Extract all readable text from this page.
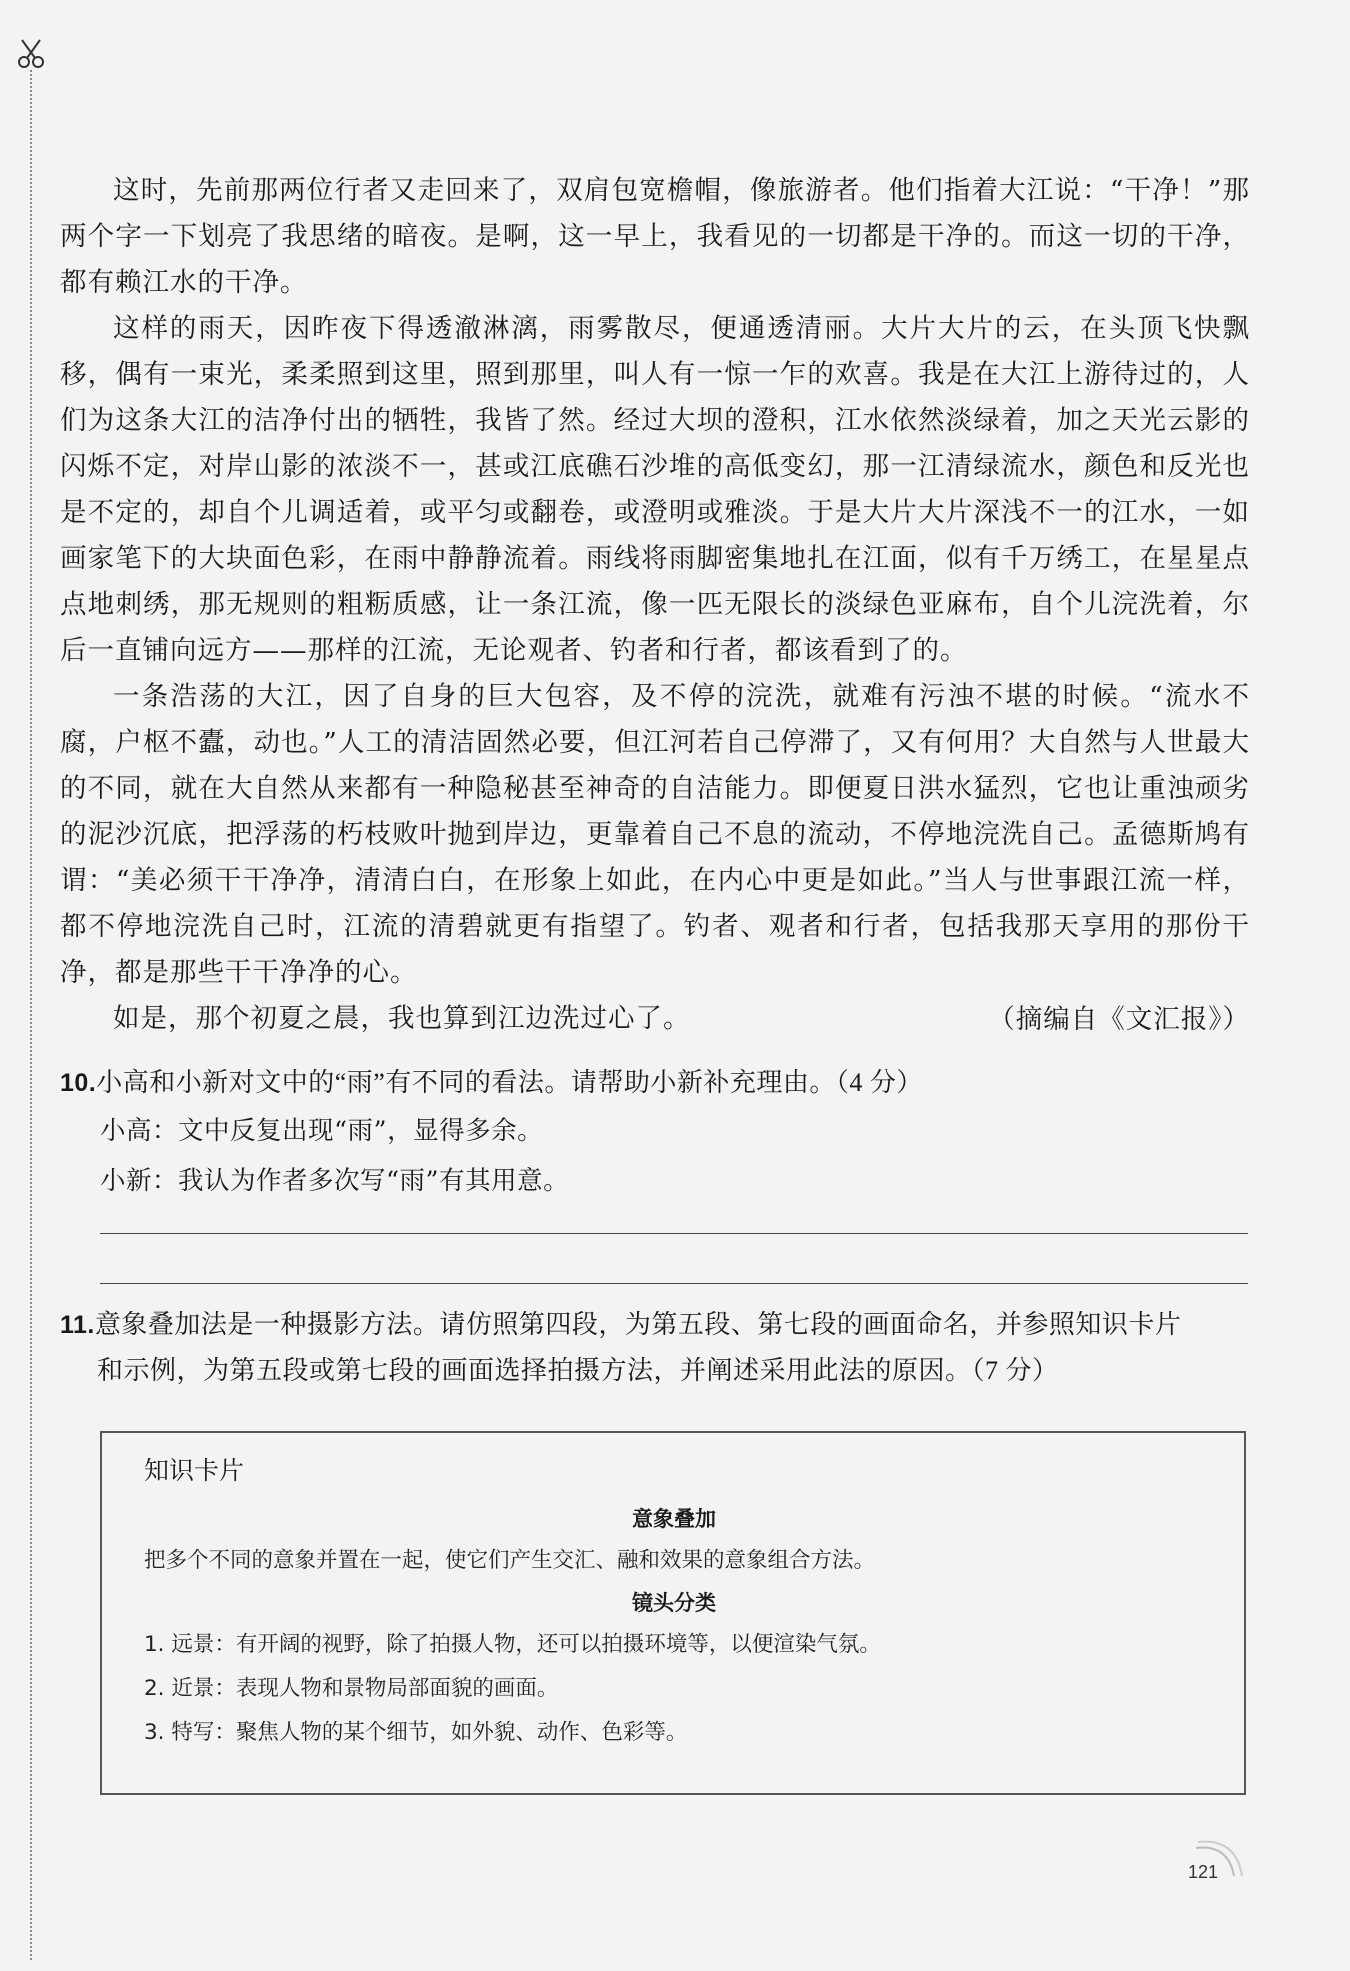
这时，先前那两位行者又走回来了，双肩包宽檐帽，像旅游者。他们指着大江说：“干净！”那两个字一下划亮了我思绪的暗夜。是啊，这一早上，我看见的一切都是干净的。而这一切的干净，都有赖江水的干净。

这样的雨天，因昨夜下得透澈淋漓，雨雾散尽，便通透清丽。大片大片的云，在头顶飞快飘移，偶有一束光，柔柔照到这里，照到那里，叫人有一惊一乍的欢喜。我是在大江上游待过的，人们为这条大江的洁净付出的牺牲，我皆了然。经过大坝的澄积，江水依然淡绿着，加之天光云影的闪烁不定，对岸山影的浓淡不一，甚或江底礁石沙堆的高低变幻，那一江清绿流水，颜色和反光也是不定的，却自个儿调适着，或平匀或翻卷，或澄明或雅淡。于是大片大片深浅不一的江水，一如画家笔下的大块面色彩，在雨中静静流着。雨线将雨脚密集地扎在江面，似有千万绣工，在星星点点地刺绣，那无规则的粗粝质感，让一条江流，像一匹无限长的淡绿色亚麻布，自个儿浣洗着，尔后一直铺向远方——那样的江流，无论观者、钓者和行者，都该看到了的。

一条浩荡的大江，因了自身的巨大包容，及不停的浣洗，就难有污浊不堪的时候。“流水不腐，户枢不蠹，动也。”人工的清洁固然必要，但江河若自己停滞了，又有何用？大自然与人世最大的不同，就在大自然从来都有一种隐秘甚至神奇的自洁能力。即便夏日洪水猛烈，它也让重浊顽劣的泥沙沉底，把浮荡的朽枝败叶抛到岸边，更靠着自己不息的流动，不停地浣洗自己。孟德斯鸠有谓：“美必须干干净净，清清白白，在形象上如此，在内心中更是如此。”当人与世事跟江流一样，都不停地浣洗自己时，江流的清碧就更有指望了。钓者、观者和行者，包括我那天享用的那份干净，都是那些干干净净的心。

如是，那个初夏之晨，我也算到江边洗过心了。	（摘编自《文汇报》）

10.小高和小新对文中的“雨”有不同的看法。请帮助小新补充理由。（4 分）
小高：文中反复出现“雨”，显得多余。
小新：我认为作者多次写“雨”有其用意。
11.意象叠加法是一种摄影方法。请仿照第四段，为第五段、第七段的画面命名，并参照知识卡片
和示例，为第五段或第七段的画面选择拍摄方法，并阐述采用此法的原因。（7 分）

知识卡片

意象叠加

把多个不同的意象并置在一起，使它们产生交汇、融和效果的意象组合方法。

镜头分类

1. 远景：有开阔的视野，除了拍摄人物，还可以拍摄环境等，以便渲染气氛。

2. 近景：表现人物和景物局部面貌的画面。

3. 特写：聚焦人物的某个细节，如外貌、动作、色彩等。

121
